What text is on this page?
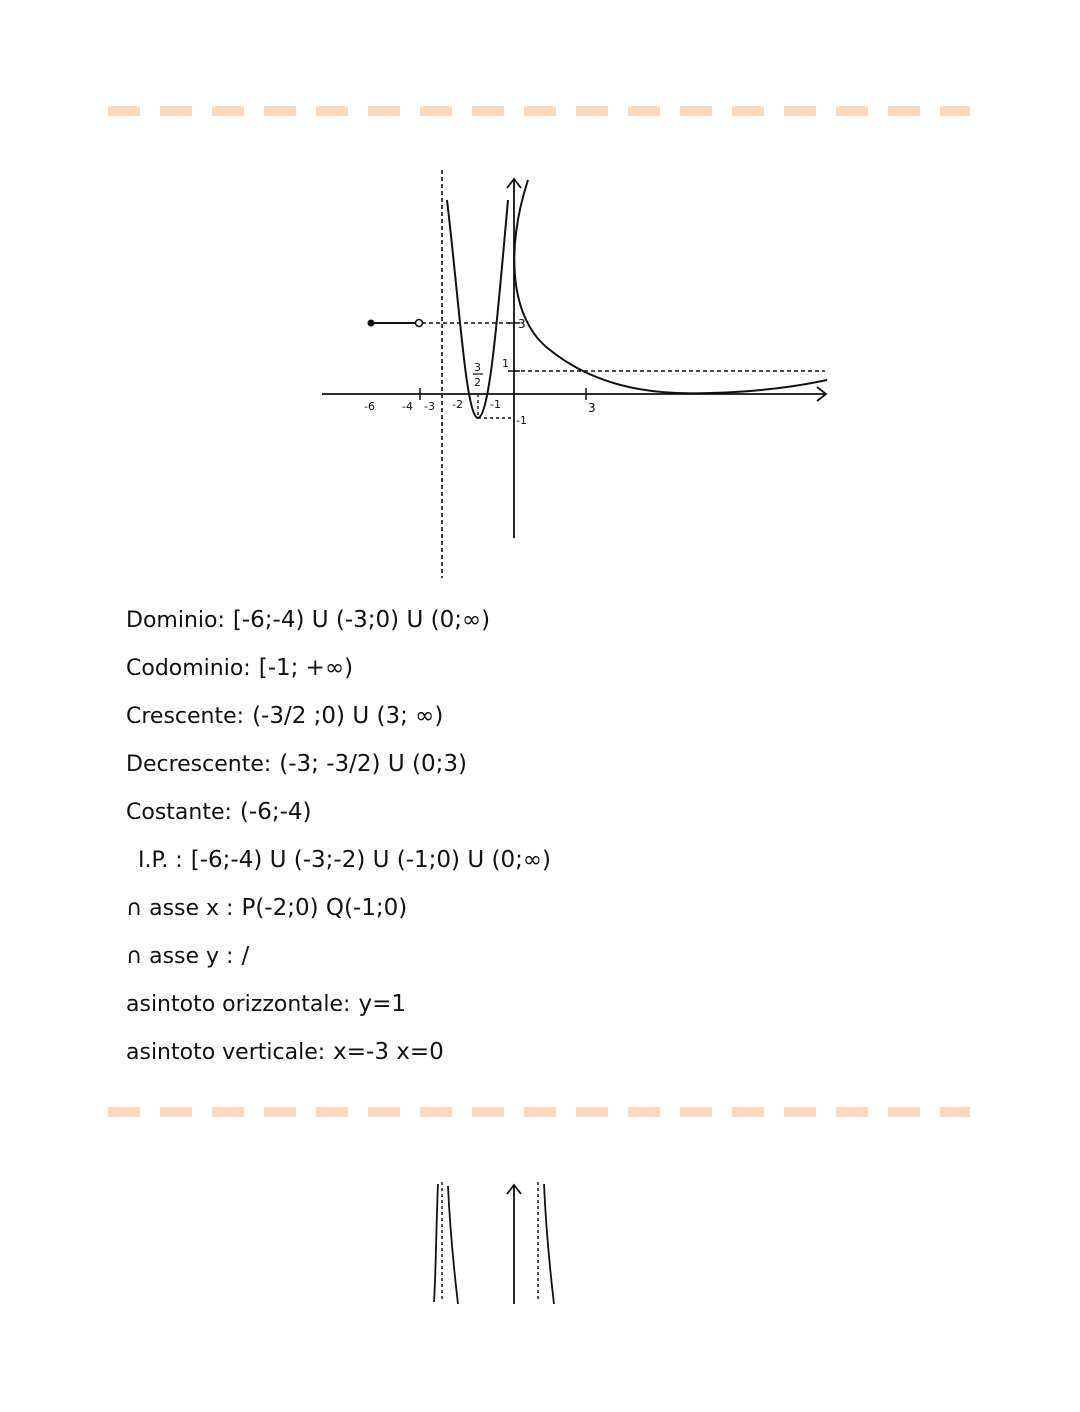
-6 -4 -3 -2 -1	3
3
1
-1
3
2
Dominio: [-6;-4) U (-3;0) U (0;∞)
Codominio: [-1; +∞)
Crescente: (-3/2 ;0) U (3; ∞)
Decrescente: (-3; -3/2) U (0;3)
Costante: (-6;-4)
I.P. : [-6;-4) U (-3;-2) U (-1;0) U (0;∞)
∩ asse x : P(-2;0) Q(-1;0)
∩ asse y : /
asintoto orizzontale: y=1
asintoto verticale: x=-3 x=0
